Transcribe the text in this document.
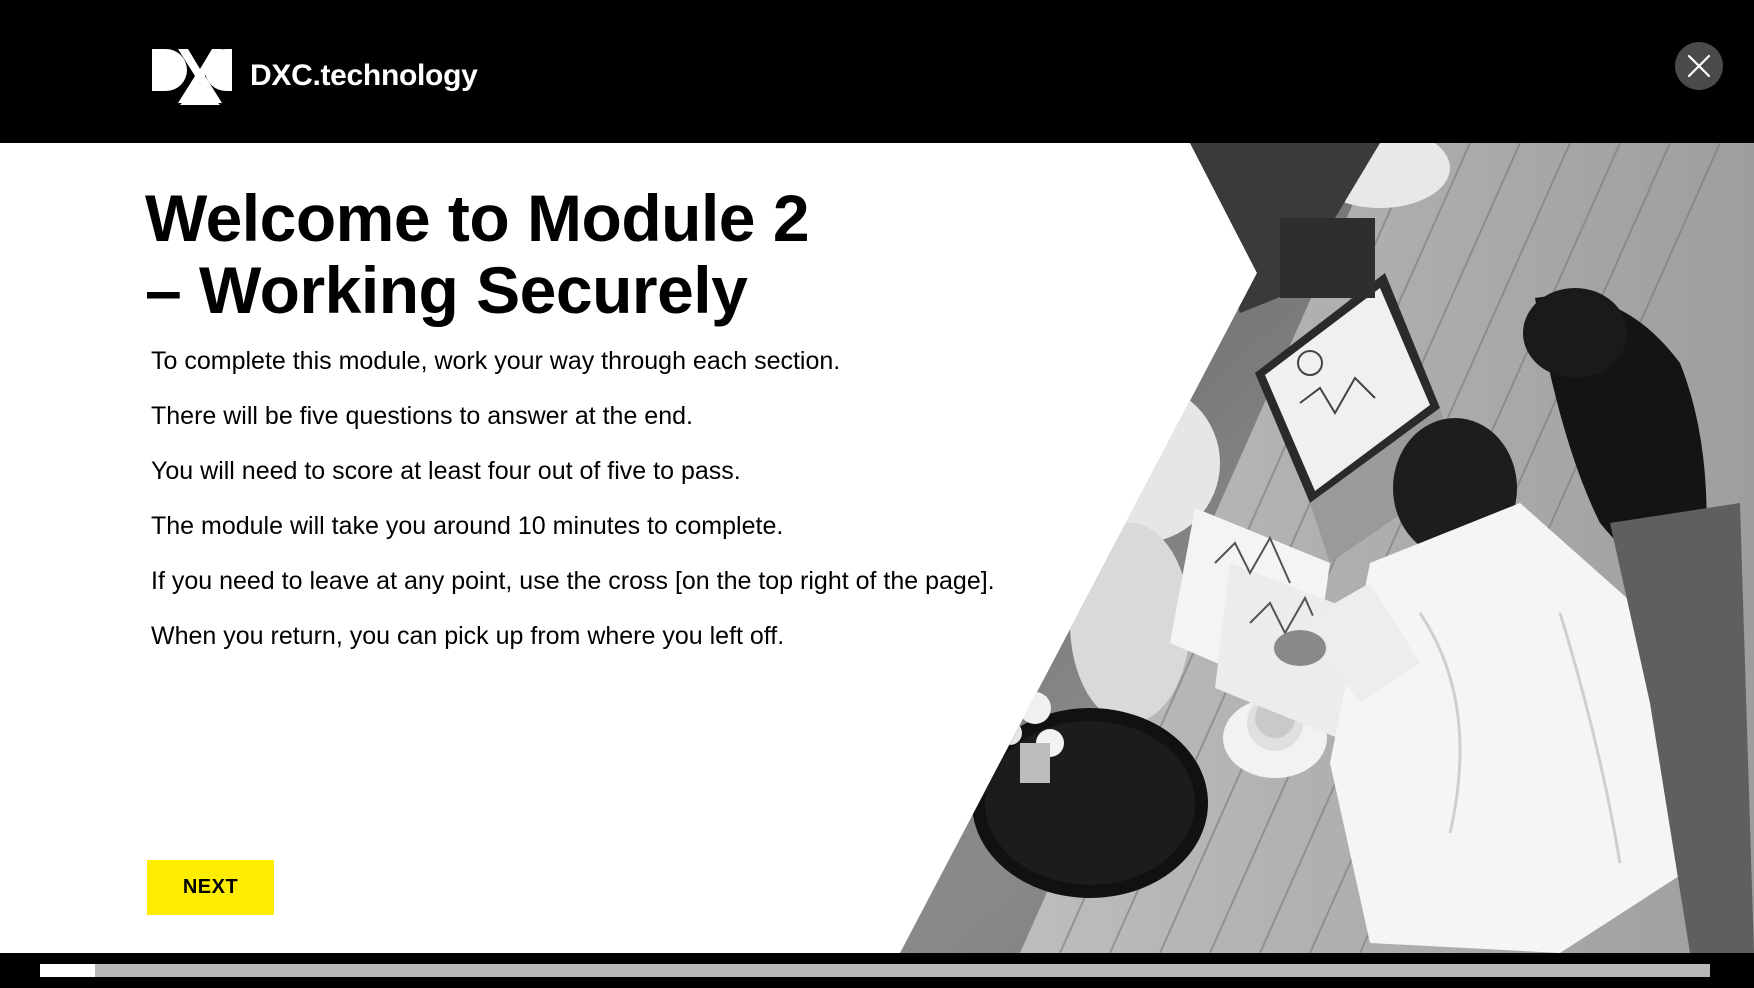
DXC.technology
Welcome to Module 2
– Working Securely

To complete this module, work your way through each section.

There will be five questions to answer at the end.

You will need to score at least four out of five to pass.

The module will take you around 10 minutes to complete.

If you need to leave at any point, use the cross [on the top right of the page].

When you return, you can pick up from where you left off.

NEXT
